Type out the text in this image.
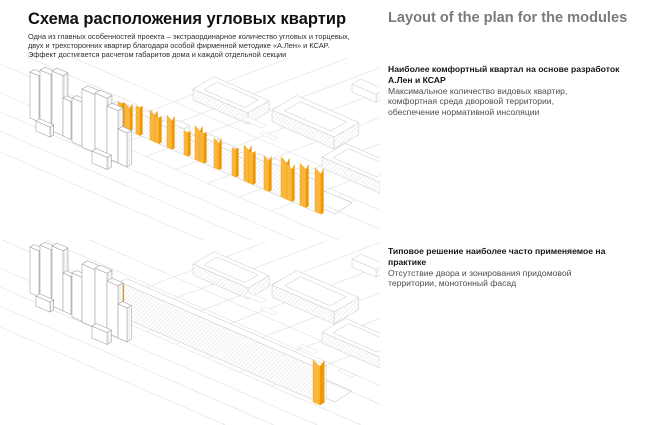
Схема расположения угловых квартир
Одна из главных особенностей проекта – экстраординарное количество угловых и торцевых,
двух и трехсторонних квартир благодаря особой фирменной методике «А.Лен» и КСАР.
Эффект достигается расчетом габаритов дома и каждой отдельной секции
Layout of the plan for the modules
Наиболее комфортный квартал на основе разработок
А.Лен и КСАР
Максимальное количество видовых квартир,
комфортная среда дворовой территории,
обеспечение нормативной инсоляции
Типовое решение наиболее часто применяемое на
практике
Отсутствие двора и зонирования придомовой
территории, монотонный фасад
